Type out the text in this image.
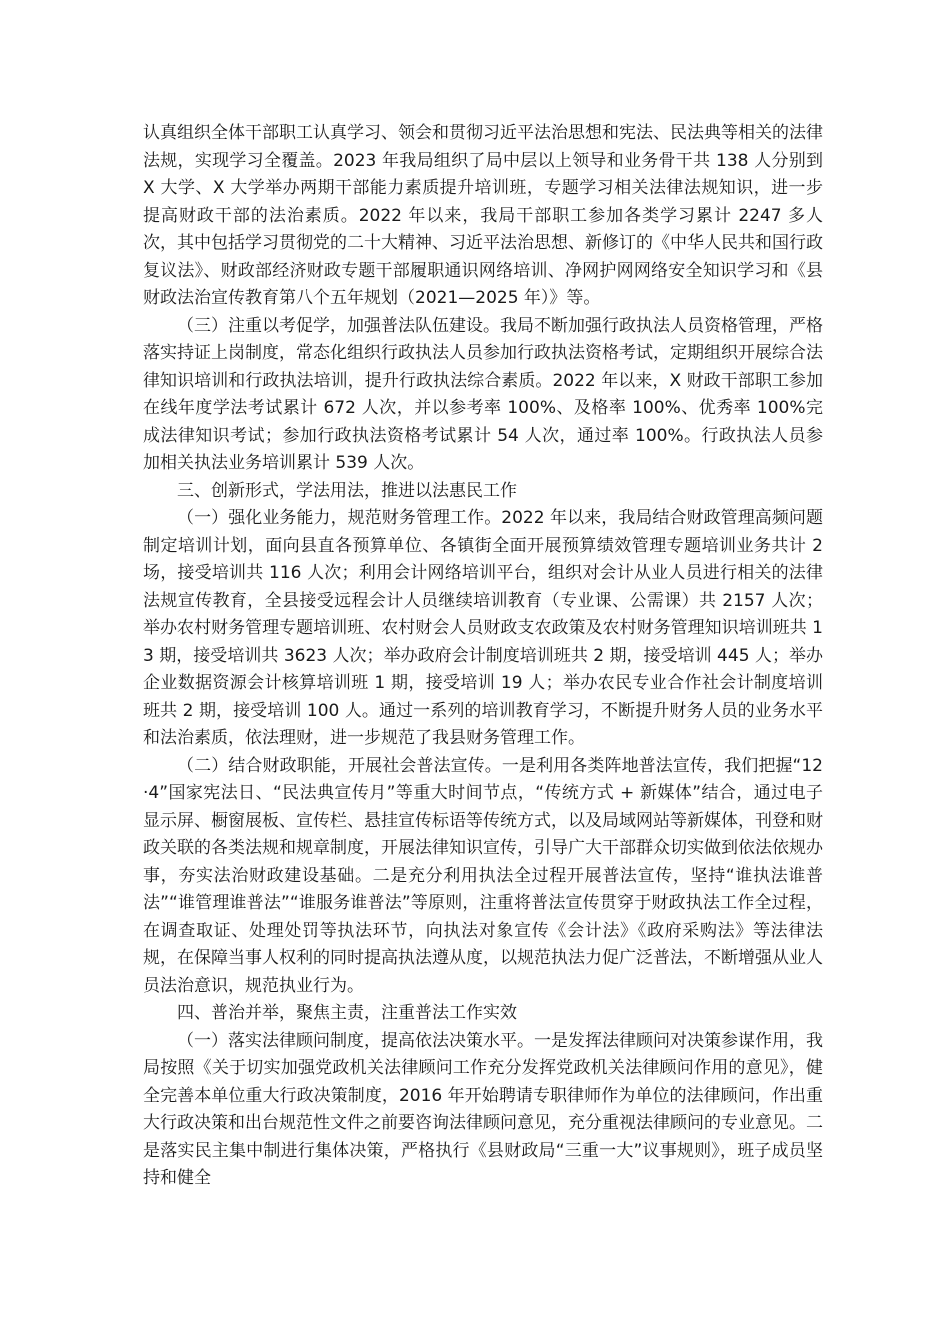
认真组织全体干部职工认真学习、领会和贯彻习近平法治思想和宪法、民法典等相关的法律法规，实现学习全覆盖。2023 年我局组织了局中层以上领导和业务骨干共 138 人分别到 X 大学、X 大学举办两期干部能力素质提升培训班，专题学习相关法律法规知识，进一步提高财政干部的法治素质。2022 年以来，我局干部职工参加各类学习累计 2247 多人次，其中包括学习贯彻党的二十大精神、习近平法治思想、新修订的《中华人民共和国行政复议法》、财政部经济财政专题干部履职通识网络培训、净网护网网络安全知识学习和《县财政法治宣传教育第八个五年规划（2021—2025 年）》等。

（三）注重以考促学，加强普法队伍建设。我局不断加强行政执法人员资格管理，严格落实持证上岗制度，常态化组织行政执法人员参加行政执法资格考试，定期组织开展综合法律知识培训和行政执法培训，提升行政执法综合素质。2022 年以来，X 财政干部职工参加在线年度学法考试累计 672 人次，并以参考率 100%、及格率 100%、优秀率 100%完成法律知识考试；参加行政执法资格考试累计 54 人次，通过率 100%。行政执法人员参加相关执法业务培训累计 539 人次。

三、创新形式，学法用法，推进以法惠民工作

（一）强化业务能力，规范财务管理工作。2022 年以来，我局结合财政管理高频问题制定培训计划，面向县直各预算单位、各镇街全面开展预算绩效管理专题培训业务共计 2 场，接受培训共 116 人次；利用会计网络培训平台，组织对会计从业人员进行相关的法律法规宣传教育，全县接受远程会计人员继续培训教育（专业课、公需课）共 2157 人次；举办农村财务管理专题培训班、农村财会人员财政支农政策及农村财务管理知识培训班共 13 期，接受培训共 3623 人次；举办政府会计制度培训班共 2 期，接受培训 445 人；举办企业数据资源会计核算培训班 1 期，接受培训 19 人；举办农民专业合作社会计制度培训班共 2 期，接受培训 100 人。通过一系列的培训教育学习，不断提升财务人员的业务水平和法治素质，依法理财，进一步规范了我县财务管理工作。

（二）结合财政职能，开展社会普法宣传。一是利用各类阵地普法宣传，我们把握“12·4”国家宪法日、“民法典宣传月”等重大时间节点，“传统方式 + 新媒体”结合，通过电子显示屏、橱窗展板、宣传栏、悬挂宣传标语等传统方式，以及局域网站等新媒体，刊登和财政关联的各类法规和规章制度，开展法律知识宣传，引导广大干部群众切实做到依法依规办事，夯实法治财政建设基础。二是充分利用执法全过程开展普法宣传，坚持“谁执法谁普法”“谁管理谁普法”“谁服务谁普法”等原则，注重将普法宣传贯穿于财政执法工作全过程，在调查取证、处理处罚等执法环节，向执法对象宣传《会计法》《政府采购法》等法律法规，在保障当事人权利的同时提高执法遵从度，以规范执法力促广泛普法，不断增强从业人员法治意识，规范执业行为。

四、普治并举，聚焦主责，注重普法工作实效

（一）落实法律顾问制度，提高依法决策水平。一是发挥法律顾问对决策参谋作用，我局按照《关于切实加强党政机关法律顾问工作充分发挥党政机关法律顾问作用的意见》，健全完善本单位重大行政决策制度，2016 年开始聘请专职律师作为单位的法律顾问，作出重大行政决策和出台规范性文件之前要咨询法律顾问意见，充分重视法律顾问的专业意见。二是落实民主集中制进行集体决策，严格执行《县财政局“三重一大”议事规则》，班子成员坚持和健全
